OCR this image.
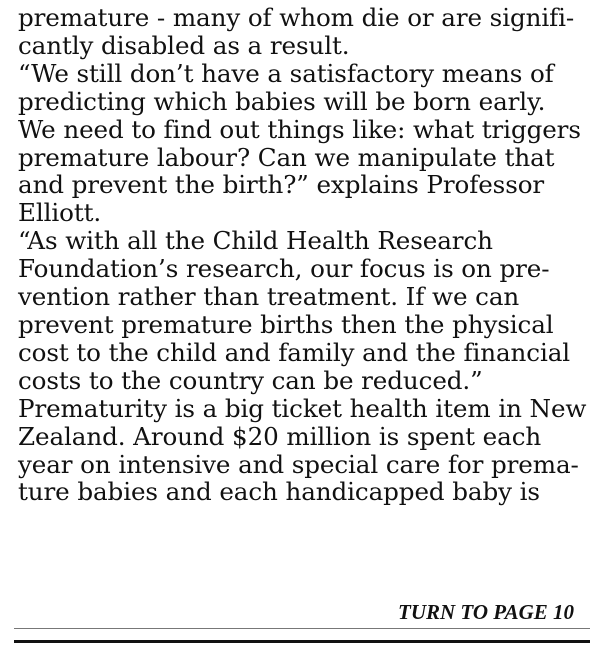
premature - many of whom die or are signifi-
cantly disabled as a result.
“We still don’t have a satisfactory means of
predicting which babies will be born early.
We need to find out things like: what triggers
premature labour? Can we manipulate that
and prevent the birth?” explains Professor
Elliott.
“As with all the Child Health Research
Foundation’s research, our focus is on pre-
vention rather than treatment. If we can
prevent premature births then the physical
cost to the child and family and the financial
costs to the country can be reduced.”
Prematurity is a big ticket health item in New
Zealand. Around $20 million is spent each
year on intensive and special care for prema-
ture babies and each handicapped baby is
TURN TO PAGE 10
